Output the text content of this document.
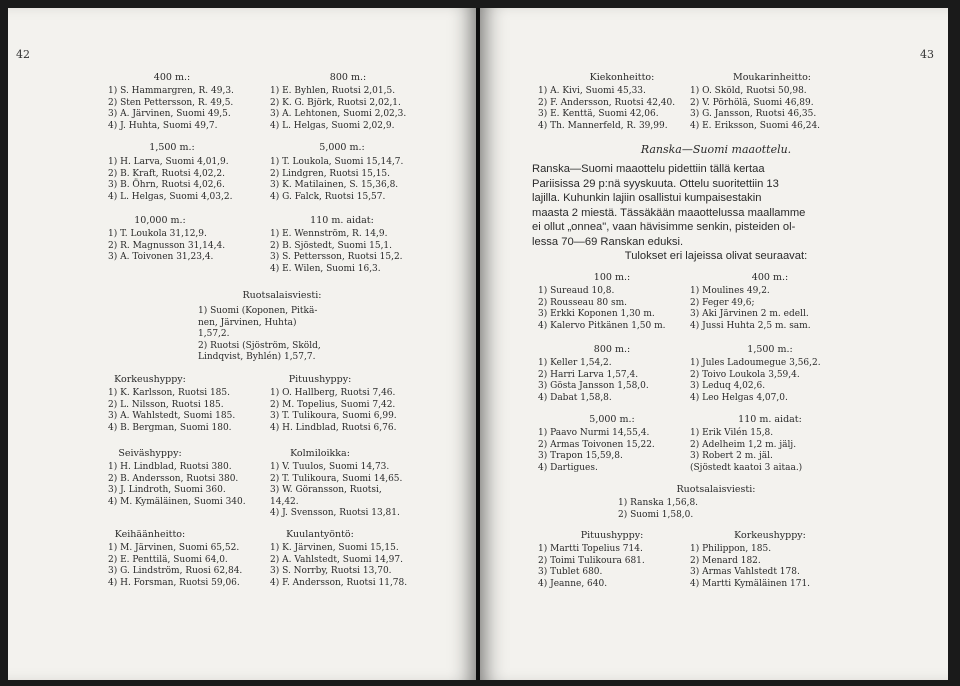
42	43
400 m.:
1) S. Hammargren, R. 49,3.
2) Sten Pettersson, R. 49,5.
3) A. Järvinen, Suomi 49,5.
4) J. Huhta, Suomi 49,7.
800 m.:
1) E. Byhlen, Ruotsi 2,01,5.
2) K. G. Björk, Ruotsi 2,02,1.
3) A. Lehtonen, Suomi 2,02,3.
4) L. Helgas, Suomi 2,02,9.
1,500 m.:
1) H. Larva, Suomi 4,01,9.
2) B. Kraft, Ruotsi 4,02,2.
3) B. Öhrn, Ruotsi 4,02,6.
4) L. Helgas, Suomi 4,03,2.
5,000 m.:
1) T. Loukola, Suomi 15,14,7.
2) Lindgren, Ruotsi 15,15.
3) K. Matilainen, S. 15,36,8.
4) G. Falck, Ruotsi 15,57.
10,000 m.:
1) T. Loukola 31,12,9.
2) R. Magnusson 31,14,4.
3) A. Toivonen 31,23,4.
110 m. aidat:
1) E. Wennström, R. 14,9.
2) B. Sjöstedt, Suomi 15,1.
3) S. Pettersson, Ruotsi 15,2.
4) E. Wilen, Suomi 16,3.
Ruotsalaisviesti:
1) Suomi (Koponen, Pitkä-
nen, Järvinen, Huhta)
1,57,2.
2) Ruotsi (Sjöström, Sköld,
Lindqvist, Byhlén) 1,57,7.
Korkeushyppy:
1) K. Karlsson, Ruotsi 185.
2) L. Nilsson, Ruotsi 185.
3) A. Wahlstedt, Suomi 185.
4) B. Bergman, Suomi 180.
Pituushyppy:
1) O. Hallberg, Ruotsi 7,46.
2) M. Topelius, Suomi 7,42.
3) T. Tulikoura, Suomi 6,99.
4) H. Lindblad, Ruotsi 6,76.
Seiväshyppy:
1) H. Lindblad, Ruotsi 380.
2) B. Andersson, Ruotsi 380.
3) J. Lindroth, Suomi 360.
4) M. Kymäläinen, Suomi 340.
Kolmiloikka:
1) V. Tuulos, Suomi 14,73.
2) T. Tulikoura, Suomi 14,65.
3) W. Göransson, Ruotsi,
14,42.
4) J. Svensson, Ruotsi 13,81.
Keihäänheitto:
1) M. Järvinen, Suomi 65,52.
2) E. Penttilä, Suomi 64,0.
3) G. Lindström, Ruosi 62,84.
4) H. Forsman, Ruotsi 59,06.
Kuulantyöntö:
1) K. Järvinen, Suomi 15,15.
2) A. Vahlstedt, Suomi 14,97.
3) S. Norrby, Ruotsi 13,70.
4) F. Andersson, Ruotsi 11,78.
Kiekonheitto:
1) A. Kivi, Suomi 45,33.
2) F. Andersson, Ruotsi 42,40.
3) E. Kenttä, Suomi 42,06.
4) Th. Mannerfeld, R. 39,99.
Moukarinheitto:
1) O. Sköld, Ruotsi 50,98.
2) V. Pörhölä, Suomi 46,89.
3) G. Jansson, Ruotsi 46,35.
4) E. Eriksson, Suomi 46,24.
100 m.:
1) Sureaud 10,8.
2) Rousseau 80 sm.
3) Erkki Koponen 1,30 m.
4) Kalervo Pitkänen 1,50 m.
400 m.:
1) Moulines 49,2.
2) Feger 49,6;
3) Aki Järvinen 2 m. edell.
4) Jussi Huhta 2,5 m. sam.
800 m.:
1) Keller 1,54,2.
2) Harri Larva 1,57,4.
3) Gösta Jansson 1,58,0.
4) Dabat 1,58,8.
1,500 m.:
1) Jules Ladoumegue 3,56,2.
2) Toivo Loukola 3,59,4.
3) Leduq 4,02,6.
4) Leo Helgas 4,07,0.
5,000 m.:
1) Paavo Nurmi 14,55,4.
2) Armas Toivonen 15,22.
3) Trapon 15,59,8.
4) Dartigues.
110 m. aidat:
1) Erik Vilén 15,8.
2) Adelheim 1,2 m. jälj.
3) Robert 2 m. jäl.
(Sjöstedt kaatoi 3 aitaa.)
Ruotsalaisviesti:
1) Ranska 1,56,8.
2) Suomi 1,58,0.
Pituushyppy:
1) Martti Topelius 714.
2) Toimi Tulikoura 681.
3) Tublet 680.
4) Jeanne, 640.
Korkeushyppy:
1) Philippon, 185.
2) Menard 182.
3) Armas Vahlstedt 178.
4) Martti Kymäläinen 171.
Ranska—Suomi maaottelu.
Ranska—Suomi maaottelu pidettiin tällä kertaa
Pariisissa 29 p:nä syyskuuta. Ottelu suoritettiin 13
lajilla. Kuhunkin lajiin osallistui kumpaisestakin
maasta 2 miestä. Tässäkään maaottelussa maallamme
ei ollut „onnea", vaan hävisimme senkin, pisteiden ol-
lessa 70—69 Ranskan eduksi.
Tulokset eri lajeissa olivat seuraavat:
